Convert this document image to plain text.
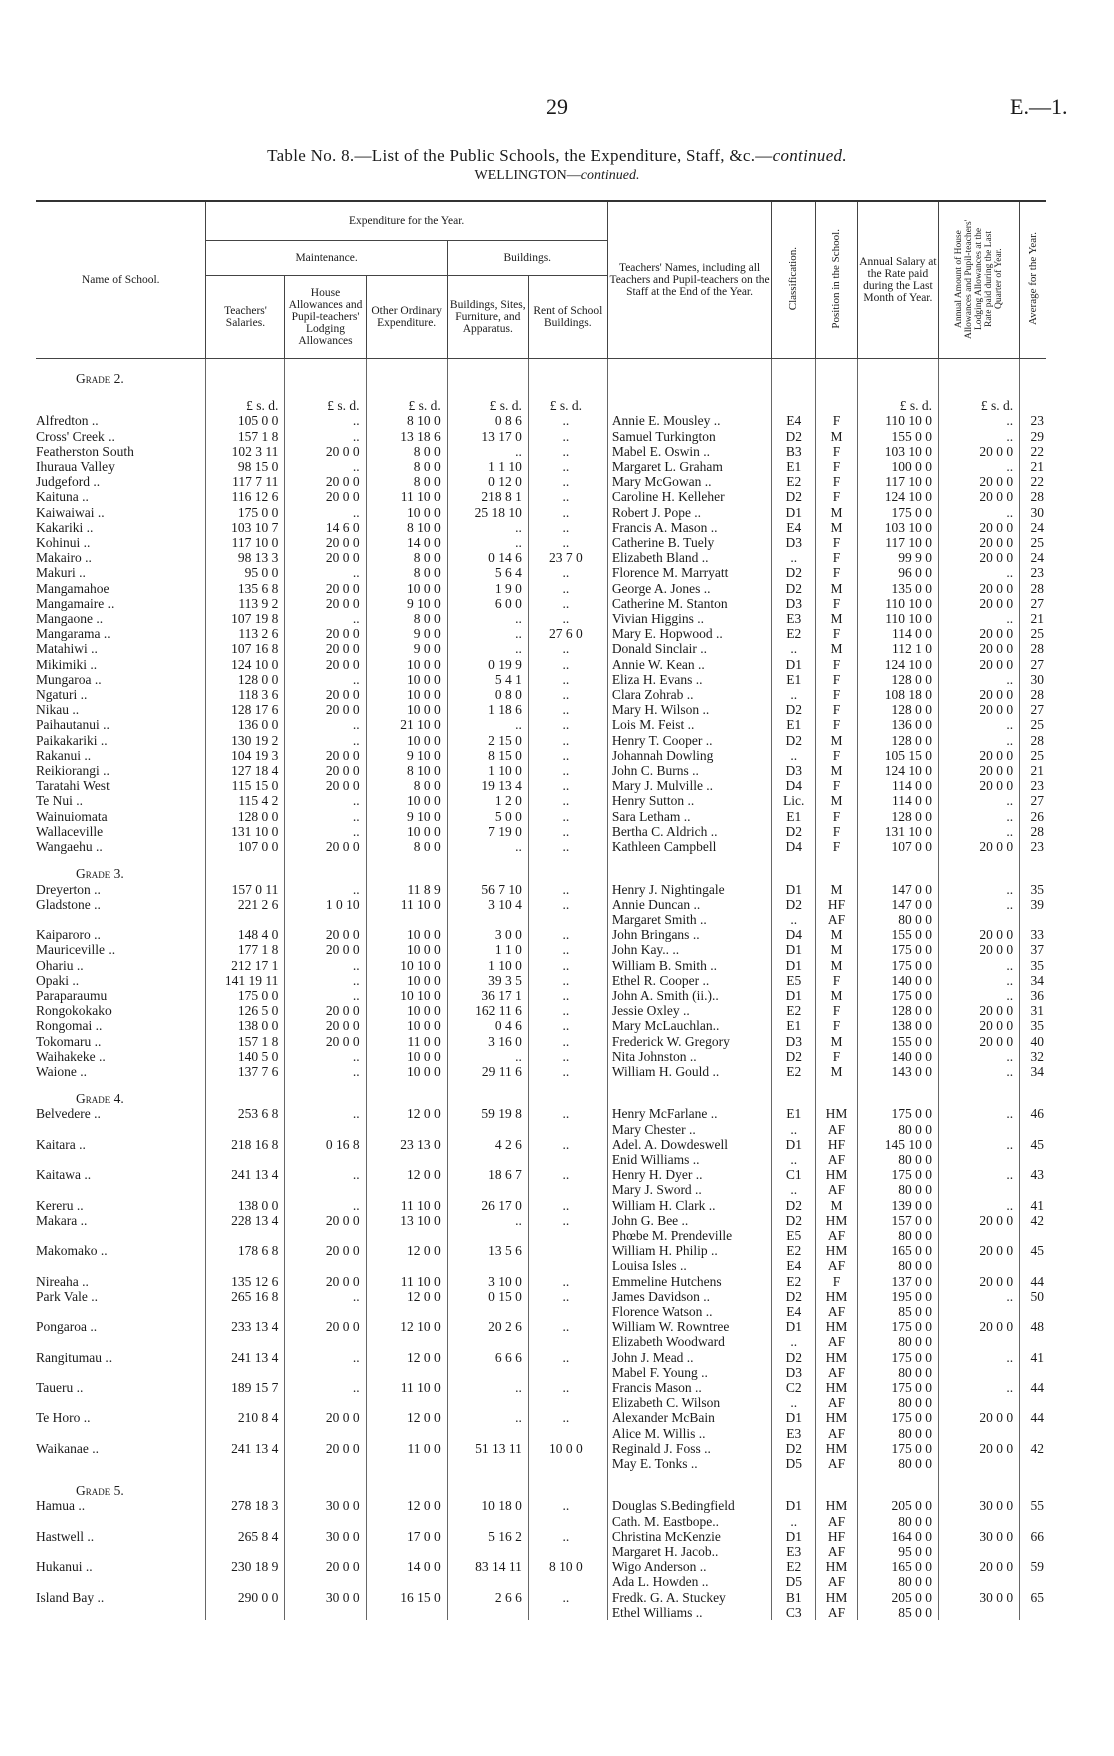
29	E.—1.
Table No. 8.—List of the Public Schools, the Expenditure, Staff, &c.—continued.
WELLINGTON—continued.
Name of School.	Expenditure for the Year.					Teachers' Names, including all Teachers and Pupil-teachers on the Staff at the End of the Year.	Classification.	Position in the School.	Annual Salary at the Rate paid during the Last Month of Year.	Annual Amount of House Allowances and Pupil-teachers' Lodging Allowances at the Rate paid during the Last Quarter of Year.	Average for the Year.
	Maintenance.			Buildings.							
	Teachers' Salaries.	House Allowances and Pupil-teachers' Lodging Allowances	Other Ordinary Expenditure.	Buildings, Sites, Furniture, and Apparatus.	Rent of School Buildings.						
Grade 2.											
	£ s. d.	£ s. d.	£ s. d.	£ s. d.	£ s. d.				£ s. d.	£ s. d.	
Alfredton ..	105 0 0	..	8 10 0	0 8 6	..	Annie E. Mousley ..	E4	F	110 10 0	..	23
Cross' Creek ..	157 1 8	..	13 18 6	13 17 0	..	Samuel Turkington	D2	M	155 0 0	..	29
Featherston South	102 3 11	20 0 0	8 0 0	..	..	Mabel E. Oswin ..	B3	F	103 10 0	20 0 0	22
Ihuraua Valley	98 15 0	..	8 0 0	1 1 10	..	Margaret L. Graham	E1	F	100 0 0	..	21
Judgeford ..	117 7 11	20 0 0	8 0 0	0 12 0	..	Mary McGowan ..	E2	F	117 10 0	20 0 0	22
Kaituna ..	116 12 6	20 0 0	11 10 0	218 8 1	..	Caroline H. Kelleher	D2	F	124 10 0	20 0 0	28
Kaiwaiwai ..	175 0 0	..	10 0 0	25 18 10	..	Robert J. Pope ..	D1	M	175 0 0	..	30
Kakariki ..	103 10 7	14 6 0	8 10 0	..	..	Francis A. Mason ..	E4	M	103 10 0	20 0 0	24
Kohinui ..	117 10 0	20 0 0	14 0 0	..	..	Catherine B. Tuely	D3	F	117 10 0	20 0 0	25
Makairo ..	98 13 3	20 0 0	8 0 0	0 14 6	23 7 0	Elizabeth Bland ..	..	F	99 9 0	20 0 0	24
Makuri ..	95 0 0	..	8 0 0	5 6 4	..	Florence M. Marryatt	D2	F	96 0 0	..	23
Mangamahoe	135 6 8	20 0 0	10 0 0	1 9 0	..	George A. Jones ..	D2	M	135 0 0	20 0 0	28
Mangamaire ..	113 9 2	20 0 0	9 10 0	6 0 0	..	Catherine M. Stanton	D3	F	110 10 0	20 0 0	27
Mangaone ..	107 19 8	..	8 0 0	..	..	Vivian Higgins ..	E3	M	110 10 0	..	21
Mangarama ..	113 2 6	20 0 0	9 0 0	..	27 6 0	Mary E. Hopwood ..	E2	F	114 0 0	20 0 0	25
Matahiwi ..	107 16 8	20 0 0	9 0 0	..	..	Donald Sinclair ..	..	M	112 1 0	20 0 0	28
Mikimiki ..	124 10 0	20 0 0	10 0 0	0 19 9	..	Annie W. Kean ..	D1	F	124 10 0	20 0 0	27
Mungaroa ..	128 0 0	..	10 0 0	5 4 1	..	Eliza H. Evans ..	E1	F	128 0 0	..	30
Ngaturi ..	118 3 6	20 0 0	10 0 0	0 8 0	..	Clara Zohrab ..	..	F	108 18 0	20 0 0	28
Nikau ..	128 17 6	20 0 0	10 0 0	1 18 6	..	Mary H. Wilson ..	D2	F	128 0 0	20 0 0	27
Paihautanui ..	136 0 0	..	21 10 0	..	..	Lois M. Feist ..	E1	F	136 0 0	..	25
Paikakariki ..	130 19 2	..	10 0 0	2 15 0	..	Henry T. Cooper ..	D2	M	128 0 0	..	28
Rakanui ..	104 19 3	20 0 0	9 10 0	8 15 0	..	Johannah Dowling	..	F	105 15 0	20 0 0	25
Reikiorangi ..	127 18 4	20 0 0	8 10 0	1 10 0	..	John C. Burns ..	D3	M	124 10 0	20 0 0	21
Taratahi West	115 15 0	20 0 0	8 0 0	19 13 4	..	Mary J. Mulville ..	D4	F	114 0 0	20 0 0	23
Te Nui ..	115 4 2	..	10 0 0	1 2 0	..	Henry Sutton ..	Lic.	M	114 0 0	..	27
Wainuiomata	128 0 0	..	9 10 0	5 0 0	..	Sara Letham ..	E1	F	128 0 0	..	26
Wallaceville	131 10 0	..	10 0 0	7 19 0	..	Bertha C. Aldrich ..	D2	F	131 10 0	..	28
Wangaehu ..	107 0 0	20 0 0	8 0 0	..	..	Kathleen Campbell	D4	F	107 0 0	20 0 0	23
Grade 3.											
Dreyerton ..	157 0 11	..	11 8 9	56 7 10	..	Henry J. Nightingale	D1	M	147 0 0	..	35
Gladstone ..	221 2 6	1 0 10	11 10 0	3 10 4	..	Annie Duncan ..	D2	HF	147 0 0	..	39
						Margaret Smith ..	..	AF	80 0 0		
Kaiparoro ..	148 4 0	20 0 0	10 0 0	3 0 0	..	John Bringans ..	D4	M	155 0 0	20 0 0	33
Mauriceville ..	177 1 8	20 0 0	10 0 0	1 1 0	..	John Kay.. ..	D1	M	175 0 0	20 0 0	37
Ohariu ..	212 17 1	..	10 10 0	1 10 0	..	William B. Smith ..	D1	M	175 0 0	..	35
Opaki ..	141 19 11	..	10 0 0	39 3 5	..	Ethel R. Cooper ..	E5	F	140 0 0	..	34
Paraparaumu	175 0 0	..	10 10 0	36 17 1	..	John A. Smith (ii.)..	D1	M	175 0 0	..	36
Rongokokako	126 5 0	20 0 0	10 0 0	162 11 6	..	Jessie Oxley ..	E2	F	128 0 0	20 0 0	31
Rongomai ..	138 0 0	20 0 0	10 0 0	0 4 6	..	Mary McLauchlan..	E1	F	138 0 0	20 0 0	35
Tokomaru ..	157 1 8	20 0 0	11 0 0	3 16 0	..	Frederick W. Gregory	D3	M	155 0 0	20 0 0	40
Waihakeke ..	140 5 0	..	10 0 0	..	..	Nita Johnston ..	D2	F	140 0 0	..	32
Waione ..	137 7 6	..	10 0 0	29 11 6	..	William H. Gould ..	E2	M	143 0 0	..	34
Grade 4.											
Belvedere ..	253 6 8	..	12 0 0	59 19 8	..	Henry McFarlane ..	E1	HM	175 0 0	..	46
						Mary Chester ..	..	AF	80 0 0		
Kaitara ..	218 16 8	0 16 8	23 13 0	4 2 6	..	Adel. A. Dowdeswell	D1	HF	145 10 0	..	45
						Enid Williams ..	..	AF	80 0 0		
Kaitawa ..	241 13 4	..	12 0 0	18 6 7	..	Henry H. Dyer ..	C1	HM	175 0 0	..	43
						Mary J. Sword ..	..	AF	80 0 0		
Kereru ..	138 0 0	..	11 10 0	26 17 0	..	William H. Clark ..	D2	M	139 0 0	..	41
Makara ..	228 13 4	20 0 0	13 10 0	..	..	John G. Bee ..	D2	HM	157 0 0	20 0 0	42
						Phœbe M. Prendeville	E5	AF	80 0 0		
Makomako ..	178 6 8	20 0 0	12 0 0	13 5 6		William H. Philip ..	E2	HM	165 0 0	20 0 0	45
						Louisa Isles ..	E4	AF	80 0 0		
Nireaha ..	135 12 6	20 0 0	11 10 0	3 10 0	..	Emmeline Hutchens	E2	F	137 0 0	20 0 0	44
Park Vale ..	265 16 8	..	12 0 0	0 15 0	..	James Davidson ..	D2	HM	195 0 0	..	50
						Florence Watson ..	E4	AF	85 0 0		
Pongaroa ..	233 13 4	20 0 0	12 10 0	20 2 6	..	William W. Rowntree	D1	HM	175 0 0	20 0 0	48
						Elizabeth Woodward	..	AF	80 0 0		
Rangitumau ..	241 13 4	..	12 0 0	6 6 6	..	John J. Mead ..	D2	HM	175 0 0	..	41
						Mabel F. Young ..	D3	AF	80 0 0		
Taueru ..	189 15 7	..	11 10 0	..	..	Francis Mason ..	C2	HM	175 0 0	..	44
						Elizabeth C. Wilson	..	AF	80 0 0		
Te Horo ..	210 8 4	20 0 0	12 0 0	..	..	Alexander McBain	D1	HM	175 0 0	20 0 0	44
						Alice M. Willis ..	E3	AF	80 0 0		
Waikanae ..	241 13 4	20 0 0	11 0 0	51 13 11	10 0 0	Reginald J. Foss ..	D2	HM	175 0 0	20 0 0	42
						May E. Tonks ..	D5	AF	80 0 0		
Grade 5.											
Hamua ..	278 18 3	30 0 0	12 0 0	10 18 0	..	Douglas S.Bedingfield	D1	HM	205 0 0	30 0 0	55
						Cath. M. Eastbope..	..	AF	80 0 0		
Hastwell ..	265 8 4	30 0 0	17 0 0	5 16 2	..	Christina McKenzie	D1	HF	164 0 0	30 0 0	66
						Margaret H. Jacob..	E3	AF	95 0 0		
Hukanui ..	230 18 9	20 0 0	14 0 0	83 14 11	8 10 0	Wigo Anderson ..	E2	HM	165 0 0	20 0 0	59
						Ada L. Howden ..	D5	AF	80 0 0		
Island Bay ..	290 0 0	30 0 0	16 15 0	2 6 6	..	Fredk. G. A. Stuckey	B1	HM	205 0 0	30 0 0	65
						Ethel Williams ..	C3	AF	85 0 0		
